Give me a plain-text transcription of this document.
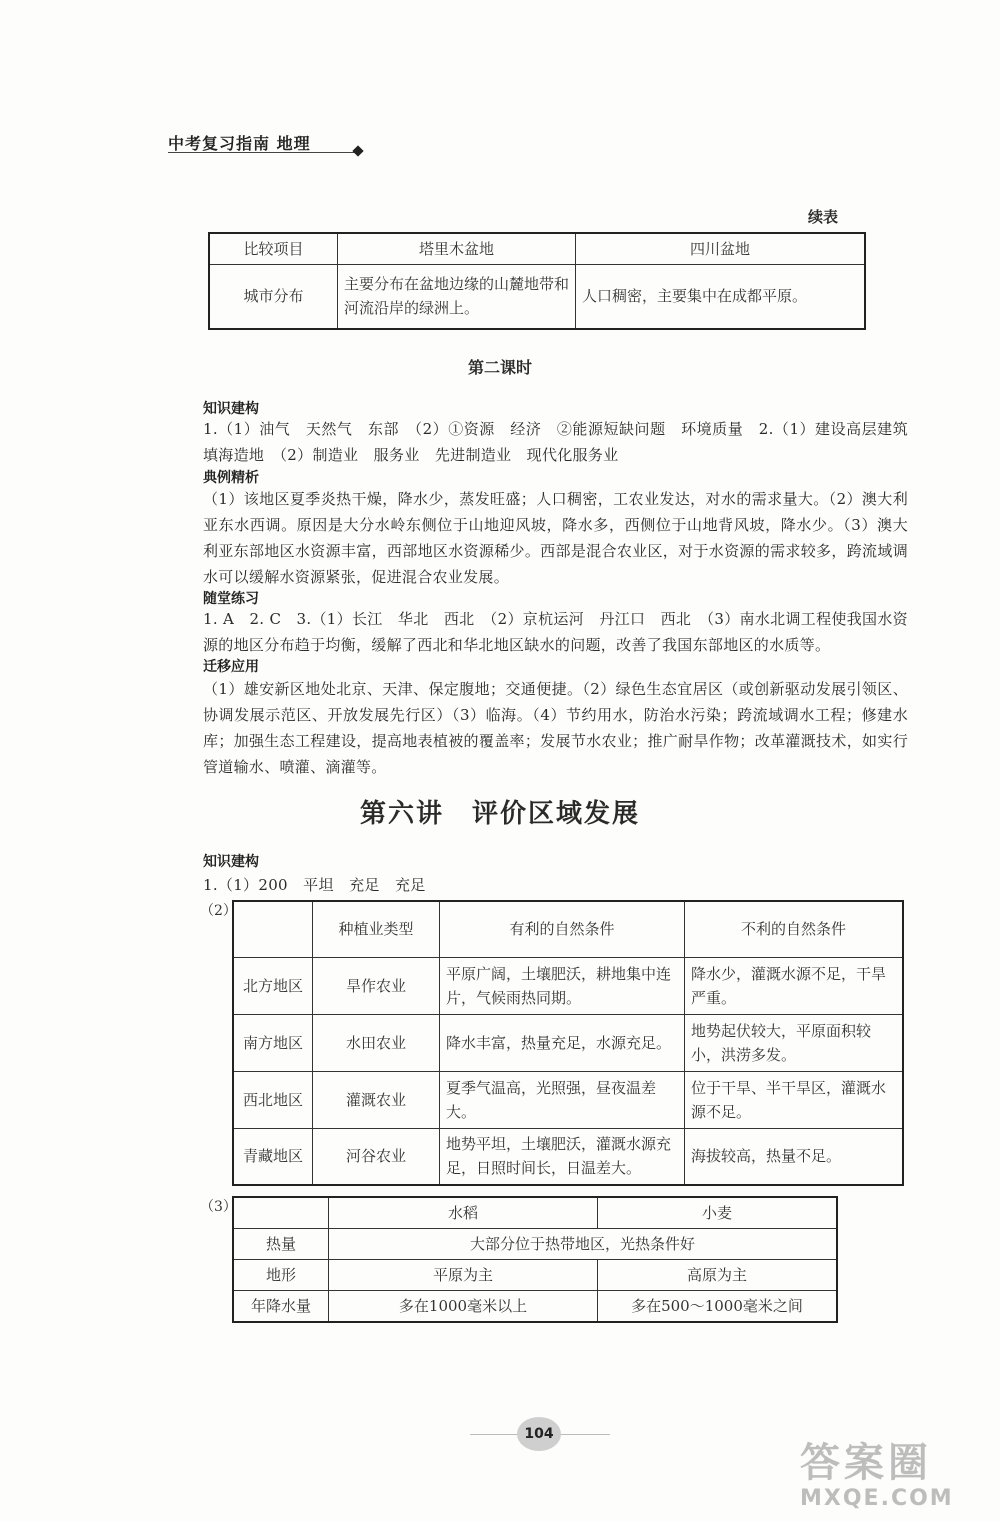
中考复习指南 地理
续表
比较项目	塔里木盆地	四川盆地
城市分布	主要分布在盆地边缘的山麓地带和河流沿岸的绿洲上。	人口稠密，主要集中在成都平原。
第二课时
知识建构
1.（1）油气　天然气　东部　（2）①资源　经济　②能源短缺问题　环境质量　2.（1）建设高层建筑　填海造地　（2）制造业　服务业　先进制造业　现代化服务业
典例精析
（1）该地区夏季炎热干燥，降水少，蒸发旺盛；人口稠密，工农业发达，对水的需求量大。（2）澳大利亚东水西调。原因是大分水岭东侧位于山地迎风坡，降水多，西侧位于山地背风坡，降水少。（3）澳大利亚东部地区水资源丰富，西部地区水资源稀少。西部是混合农业区，对于水资源的需求较多，跨流域调水可以缓解水资源紧张，促进混合农业发展。
随堂练习
1. A　2. C　3.（1）长江　华北　西北　（2）京杭运河　丹江口　西北　（3）南水北调工程使我国水资源的地区分布趋于均衡，缓解了西北和华北地区缺水的问题，改善了我国东部地区的水质等。
迁移应用
（1）雄安新区地处北京、天津、保定腹地；交通便捷。（2）绿色生态宜居区（或创新驱动发展引领区、协调发展示范区、开放发展先行区）（3）临海。（4）节约用水，防治水污染；跨流域调水工程；修建水库；加强生态工程建设，提高地表植被的覆盖率；发展节水农业；推广耐旱作物；改革灌溉技术，如实行管道输水、喷灌、滴灌等。
第六讲　评价区域发展
知识建构
1.（1）200　平坦　充足　充足
（2）
	种植业类型	有利的自然条件	不利的自然条件
北方地区	旱作农业	平原广阔，土壤肥沃，耕地集中连片，气候雨热同期。	降水少，灌溉水源不足，干旱严重。
南方地区	水田农业	降水丰富，热量充足，水源充足。	地势起伏较大，平原面积较小，洪涝多发。
西北地区	灌溉农业	夏季气温高，光照强，昼夜温差大。	位于干旱、半干旱区，灌溉水源不足。
青藏地区	河谷农业	地势平坦，土壤肥沃，灌溉水源充足，日照时间长，日温差大。	海拔较高，热量不足。
（3）
		水稻	小麦
热量	大部分位于热带地区，光热条件好	
地形	平原为主	高原为主
年降水量	多在1000毫米以上	多在500～1000毫米之间
104
答案圈
MXQE.COM
